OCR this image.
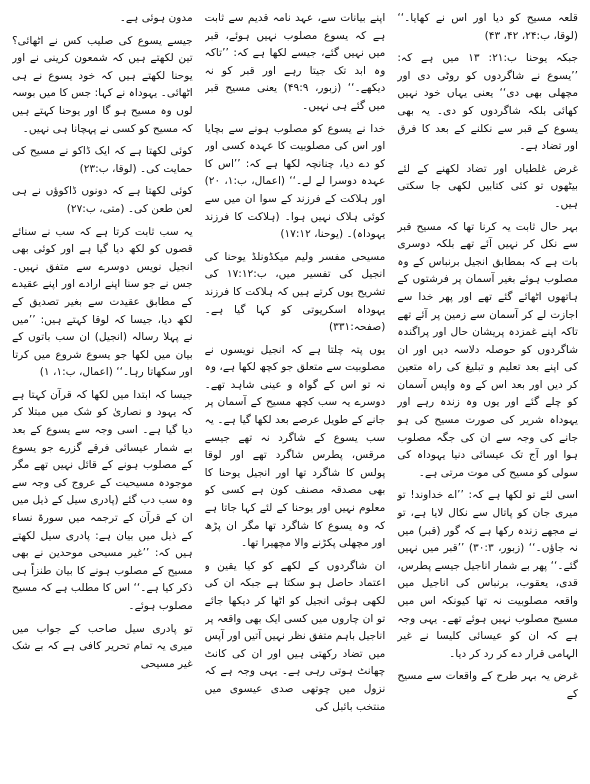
قلعہ مسیح کو دیا اور اس نے کھایا۔‘‘ (لوقا، ب:۲۴، ۴۲، ۴۳)

جبکہ یوحنا ب:۲۱: ۱۳ میں ہے کہ: ’’یسوع نے شاگردوں کو روٹی دی اور مچھلی بھی دی‘‘ یعنی یہاں خود نہیں کھائی بلکہ شاگردوں کو دی۔ یہ بھی یسوع کے قبر سے نکلنے کے بعد کا فرق اور تضاد ہے۔

غرض غلطیاں اور تضاد لکھنے کے لئے بیٹھوں تو کئی کتابیں لکھی جا سکتی ہیں۔

بہر حال ثابت یہ کرنا تھا کہ مسیح قبر سے نکل کر نہیں آئے تھے بلکہ دوسری بات ہے کہ بمطابق انجیل برنباس کے وہ مصلوب ہوئے بغیر آسمان پر فرشتوں کے ہاتھوں اٹھائے گئے تھے اور پھر خدا سے اجازت لے کر آسمان سے زمین پر آئے تھے تاکہ اپنے غمزدہ پریشان حال اور پراگندہ شاگردوں کو حوصلہ دلاسہ دیں اور ان کی اپنے بعد تعلیم و تبلیغ کی راہ متعین کر دیں اور بعد اس کے وہ واپس آسمان کو چلے گئے اور یوں وہ زندہ رہے اور یہوداہ شریر کی صورت مسیح کی ہو جانے کی وجہ سے ان کی جگہ مصلوب ہوا اور آج تک عیسائی دنیا یہوداہ کی سولی کو مسیح کی موت مرتی ہے۔

اسی لئے تو لکھا ہے کہ: ’’اے خداوند! تو میری جان کو پاتال سے نکال لایا ہے، تو نے مجھے زندہ رکھا ہے کہ گور (قبر) میں نہ جاؤں۔‘‘ (زبور، ۳۰:۳) ’’قبر میں نہیں گئے۔‘‘ پھر بے شمار اناجیل جیسے پطرس، قدی، یعقوب، برنباس کی اناجیل میں واقعہ مصلوبیت نہ تھا کیونکہ اس میں مسیح مصلوب نہیں ہوئے تھے۔ یہی وجہ ہے کہ ان کو عیسائی کلیسا نے غیر الہامی قرار دے کر رد کر دیا۔

غرض یہ بہر طرح کے واقعات سے مسیح کے

اپنے بیانات سے، عہد نامہ قدیم سے ثابت ہے کہ یسوع مصلوب نہیں ہوئے، قبر میں نہیں گئے، جیسے لکھا ہے کہ: ’’تاکہ وہ ابد تک جیتا رہے اور قبر کو نہ دیکھے۔‘‘ (زبور، ۴۹:۹) یعنی مسیح قبر میں گئے ہی نہیں۔

خدا نے یسوع کو مصلوب ہونے سے بچایا اور اس کی مصلوبیت کا عہدہ کسی اور کو دے دیا، چنانچہ لکھا ہے کہ: ’’اس کا عہدہ دوسرا لے لے۔‘‘ (اعمال، ب:۱، ۲۰) اور ہلاکت کے فرزند کے سوا ان میں سے کوئی ہلاک نہیں ہوا۔ (ہلاکت کا فرزند یہوداہ)۔ (یوحنا، ۱۷:۱۲)

مسیحی مفسر ولیم میکڈونلڈ یوحنا کی انجیل کی تفسیر میں، ب:۱۷:۱۲ کی تشریح یوں کرتے ہیں کہ ہلاکت کا فرزند یہوداہ اسکریوتی کو کہا گیا ہے۔ (صفحہ:۳۳۱)

یوں پتہ چلتا ہے کہ انجیل نویسوں نے مصلوبیت سے متعلق جو کچھ لکھا ہے، وہ نہ تو اس کے گواہ و عینی شاہد تھے۔ دوسرے یہ سب کچھ مسیح کے آسمان پر جانے کے طویل عرصے بعد لکھا گیا ہے۔ یہ سب یسوع کے شاگرد نہ تھے جیسے مرقس، پطرس شاگرد تھے اور لوقا پولس کا شاگرد تھا اور انجیل یوحنا کا بھی مصدقہ مصنف کون ہے کسی کو معلوم نہیں اور یوحنا کے لئے کہا جاتا ہے کہ وہ یسوع کا شاگرد تھا مگر ان پڑھ اور مچھلی پکڑنے والا مچھیرا تھا۔

ان شاگردوں کے لکھے کو کیا یقین و اعتماد حاصل ہو سکتا ہے جبکہ ان کی لکھی ہوئی انجیل کو اٹھا کر دیکھا جائے تو ان چاروں میں کسی ایک بھی واقعہ پر اناجیل باہم متفق نظر نہیں آتیں اور آپس میں تضاد رکھتی ہیں اور ان کی کانٹ چھانٹ ہوتی رہی ہے۔ یہی وجہ ہے کہ نزول میں چوتھی صدی عیسوی میں منتخب بائبل کی

مدون ہوئی ہے۔

جیسے یسوع کی صلیب کس نے اٹھائی؟ تین لکھتے ہیں کہ شمعون کرینی نے اور یوحنا لکھتے ہیں کہ خود یسوع نے ہی اٹھائی۔ یہوداہ نے کہا: جس کا میں بوسہ لوں وہ مسیح ہو گا اور یوحنا کہتے ہیں کہ مسیح کو کسی نے پہچانا ہی نہیں۔

کوئی لکھتا ہے کہ ایک ڈاکو نے مسیح کی حمایت کی۔ (لوقا، ب:۲۳)

کوئی لکھتا ہے کہ دونوں ڈاکوؤں نے ہی لعن طعن کی۔ (متی، ب:۲۷)

یہ سب ثابت کرتا ہے کہ سب نے سنائے قصوں کو لکھ دیا گیا ہے اور کوئی بھی انجیل نویس دوسرے سے متفق نہیں۔ جس نے جو سنا اپنے ارادے اور اپنے عقیدے کے مطابق عقیدت سے بغیر تصدیق کے لکھ دیا، جیسا کہ لوقا کہتے ہیں: ’’میں نے پہلا رسالہ (انجیل) ان سب باتوں کے بیان میں لکھا جو یسوع شروع میں کرتا اور سکھاتا رہا۔‘‘ (اعمال، ب:۱، ۱)

جیسا کہ ابتدا میں لکھا کہ قرآن کہتا ہے کہ یہود و نصاریٰ کو شک میں مبتلا کر دیا گیا ہے۔ اسی وجہ سے یسوع کے بعد بے شمار عیسائی فرقے گزرے جو یسوع کے مصلوب ہونے کے قائل نہیں تھے مگر موجودہ مسیحیت کے عروج کی وجہ سے وہ سب دب گئے (پادری سیل کے ذیل میں ان کے قرآن کے ترجمہ میں سورۃ نساء کے ذیل میں بیان ہے: پادری سیل لکھتے ہیں کہ: ’’غیر مسیحی موحدین نے بھی مسیح کے مصلوب ہونے کا بیان طنزاً ہی ذکر کیا ہے۔‘‘ اس کا مطلب ہے کہ مسیح مصلوب ہوئے۔

تو پادری سیل صاحب کے جواب میں میری یہ تمام تحریر کافی ہے کہ بے شک غیر مسیحی
